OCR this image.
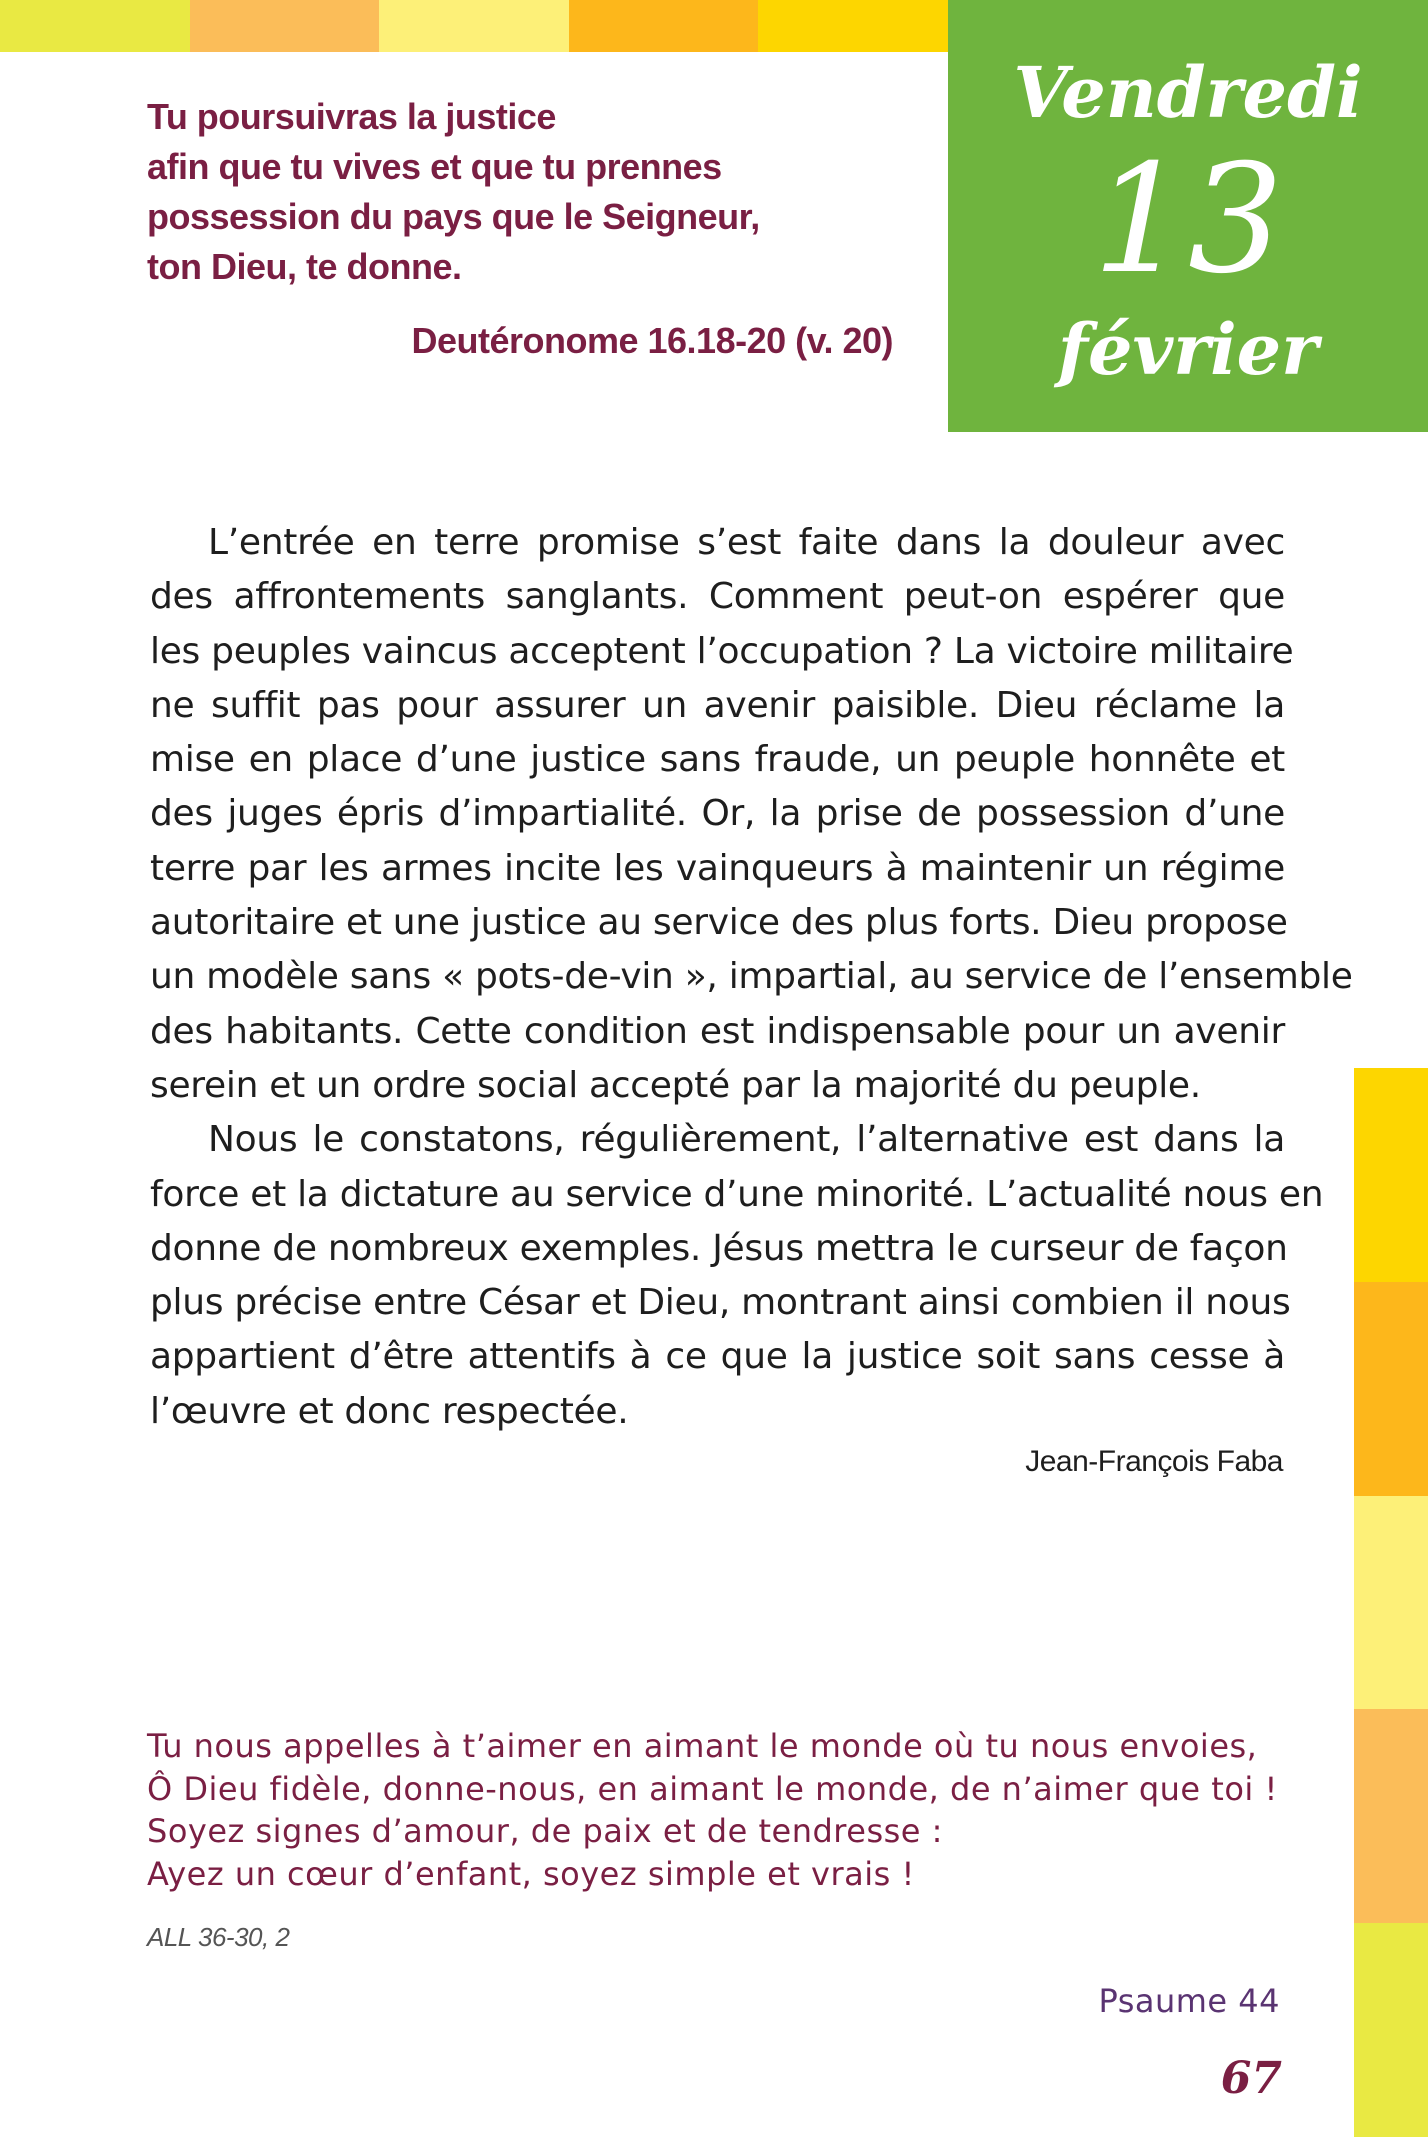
Vendredi
13
février
Tu poursuivras la justice
afin que tu vives et que tu prennes
possession du pays que le Seigneur,
ton Dieu, te donne.
Deutéronome 16.18-20 (v. 20)
L’entrée en terre promise s’est faite dans la douleur avec
des affrontements sanglants. Comment peut-on espérer que
les peuples vaincus acceptent l’occupation ? La victoire militaire
ne suffit pas pour assurer un avenir paisible. Dieu réclame la
mise en place d’une justice sans fraude, un peuple honnête et
des juges épris d’impartialité. Or, la prise de possession d’une
terre par les armes incite les vainqueurs à maintenir un régime
autoritaire et une justice au service des plus forts. Dieu propose
un modèle sans « pots-de-vin », impartial, au service de l’ensemble
des habitants. Cette condition est indispensable pour un avenir
serein et un ordre social accepté par la majorité du peuple.
Nous le constatons, régulièrement, l’alternative est dans la
force et la dictature au service d’une minorité. L’actualité nous en
donne de nombreux exemples. Jésus mettra le curseur de façon
plus précise entre César et Dieu, montrant ainsi combien il nous
appartient d’être attentifs à ce que la justice soit sans cesse à
l’œuvre et donc respectée.
Jean-François Faba
Tu nous appelles à t’aimer en aimant le monde où tu nous envoies,
Ô Dieu fidèle, donne-nous, en aimant le monde, de n’aimer que toi !
Soyez signes d’amour, de paix et de tendresse :
Ayez un cœur d’enfant, soyez simple et vrais !
ALL 36-30, 2
Psaume 44
67
